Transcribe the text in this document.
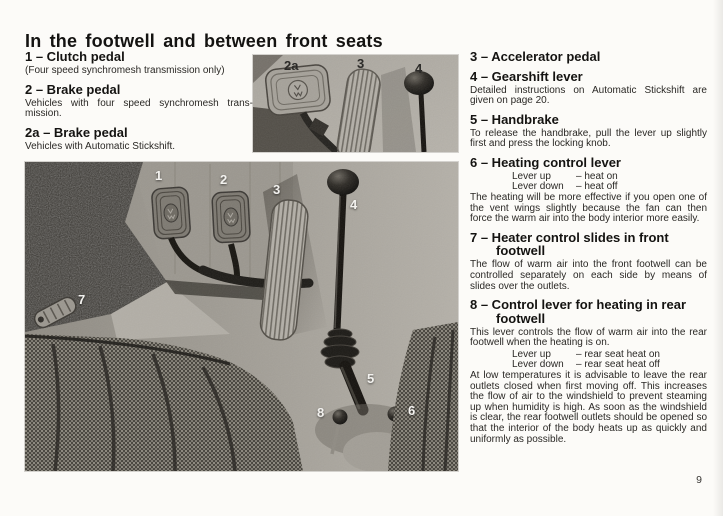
In the footwell and between front seats
1 – Clutch pedal

(Four speed synchromesh transmission only)

2 – Brake pedal

Vehicles with four speed synchromesh trans-mission.

2a – Brake pedal

Vehicles with Automatic Stickshift.

2a	3	4
1	2
3
4
5
6
7
8
3 – Accelerator pedal
4 – Gearshift lever

Detailed instructions on Automatic Stickshift are given on page 20.

5 – Handbrake

To release the handbrake, pull the lever up slightly first and press the locking knob.

6 – Heating control lever
Lever up	– heat on
Lever down	– heat off

The heating will be more effective if you open one of the vent wings slightly because the fan can then force the warm air into the body interior more easily.

7 – Heater control slides in front footwell

The flow of warm air into the front footwell can be controlled separately on each side by means of slides over the outlets.

8 – Control lever for heating in rear footwell

This lever controls the flow of warm air into the rear footwell when the heating is on.

Lever up	– rear seat heat on
Lever down	– rear seat heat off

At low temperatures it is advisable to leave the rear outlets closed when first moving off. This increases the flow of air to the windshield to prevent steaming up when humidity is high. As soon as the windshield is clear, the rear footwell outlets should be opened so that the interior of the body heats up as quickly and uniformly as possible.

9
